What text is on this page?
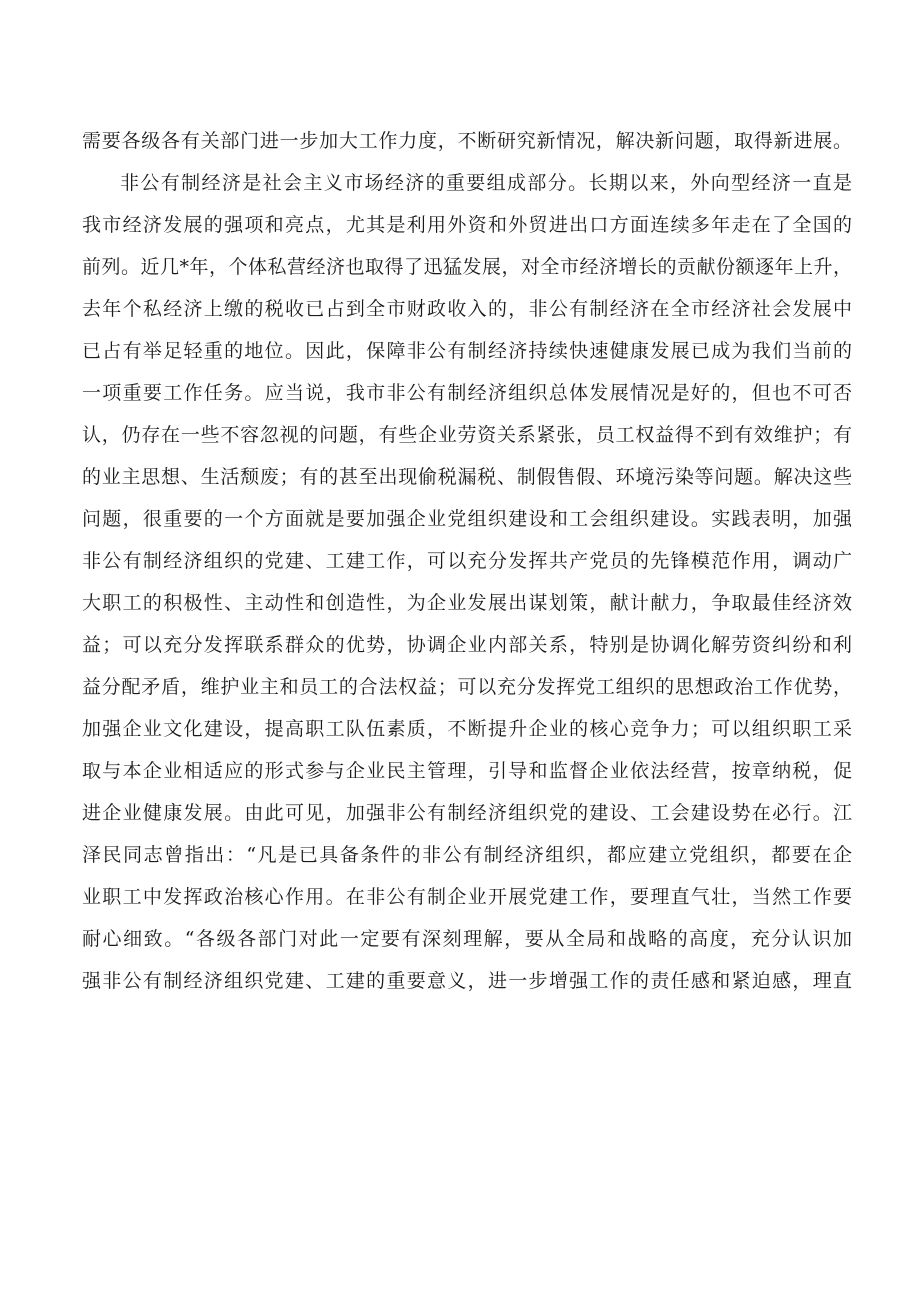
需要各级各有关部门进一步加大工作力度，不断研究新情况，解决新问题，取得新进展。
非公有制经济是社会主义市场经济的重要组成部分。长期以来，外向型经济一直是
我市经济发展的强项和亮点，尤其是利用外资和外贸进出口方面连续多年走在了全国的
前列。近几*年，个体私营经济也取得了迅猛发展，对全市经济增长的贡献份额逐年上升，
去年个私经济上缴的税收已占到全市财政收入的，非公有制经济在全市经济社会发展中
已占有举足轻重的地位。因此，保障非公有制经济持续快速健康发展已成为我们当前的
一项重要工作任务。应当说，我市非公有制经济组织总体发展情况是好的，但也不可否
认，仍存在一些不容忽视的问题，有些企业劳资关系紧张，员工权益得不到有效维护；有
的业主思想、生活颓废；有的甚至出现偷税漏税、制假售假、环境污染等问题。解决这些
问题，很重要的一个方面就是要加强企业党组织建设和工会组织建设。实践表明，加强
非公有制经济组织的党建、工建工作，可以充分发挥共产党员的先锋模范作用，调动广
大职工的积极性、主动性和创造性，为企业发展出谋划策，献计献力，争取最佳经济效
益；可以充分发挥联系群众的优势，协调企业内部关系，特别是协调化解劳资纠纷和利
益分配矛盾，维护业主和员工的合法权益；可以充分发挥党工组织的思想政治工作优势，
加强企业文化建设，提高职工队伍素质，不断提升企业的核心竞争力；可以组织职工采
取与本企业相适应的形式参与企业民主管理，引导和监督企业依法经营，按章纳税，促
进企业健康发展。由此可见，加强非公有制经济组织党的建设、工会建设势在必行。江
泽民同志曾指出：“凡是已具备条件的非公有制经济组织，都应建立党组织，都要在企
业职工中发挥政治核心作用。在非公有制企业开展党建工作，要理直气壮，当然工作要
耐心细致。“各级各部门对此一定要有深刻理解，要从全局和战略的高度，充分认识加
强非公有制经济组织党建、工建的重要意义，进一步增强工作的责任感和紧迫感，理直
